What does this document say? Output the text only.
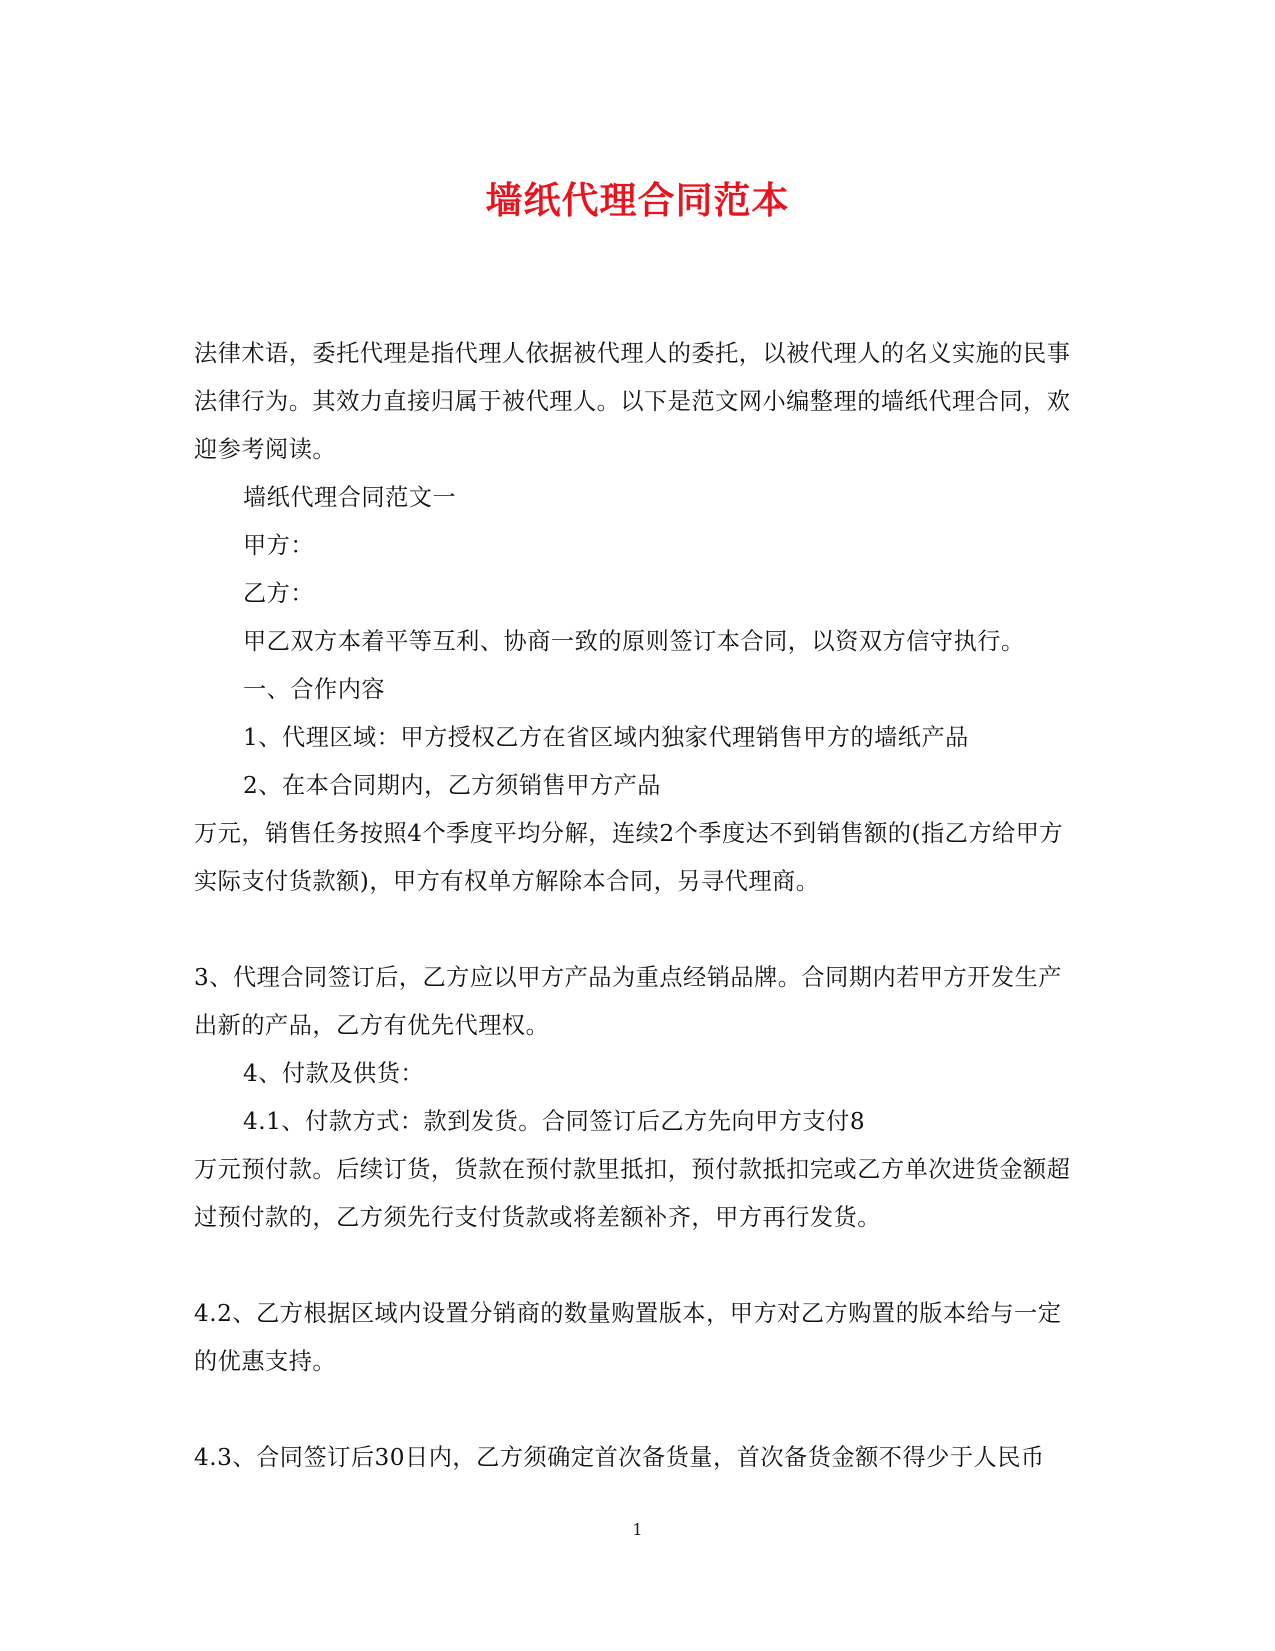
墙纸代理合同范本

法律术语，委托代理是指代理人依据被代理人的委托，以被代理人的名义实施的民事法律行为。其效力直接归属于被代理人。以下是范文网小编整理的墙纸代理合同，欢迎参考阅读。

墙纸代理合同范文一

甲方：

乙方：

甲乙双方本着平等互利、协商一致的原则签订本合同，以资双方信守执行。

一、合作内容

1、代理区域：甲方授权乙方在省区域内独家代理销售甲方的墙纸产品

2、在本合同期内，乙方须销售甲方产品

万元，销售任务按照4个季度平均分解，连续2个季度达不到销售额的(指乙方给甲方实际支付货款额)，甲方有权单方解除本合同，另寻代理商。

3、代理合同签订后，乙方应以甲方产品为重点经销品牌。合同期内若甲方开发生产出新的产品，乙方有优先代理权。

4、付款及供货：

4.1、付款方式：款到发货。合同签订后乙方先向甲方支付8

万元预付款。后续订货，货款在预付款里抵扣，预付款抵扣完或乙方单次进货金额超过预付款的，乙方须先行支付货款或将差额补齐，甲方再行发货。

4.2、乙方根据区域内设置分销商的数量购置版本，甲方对乙方购置的版本给与一定的优惠支持。

4.3、合同签订后30日内，乙方须确定首次备货量，首次备货金额不得少于人民币

1
